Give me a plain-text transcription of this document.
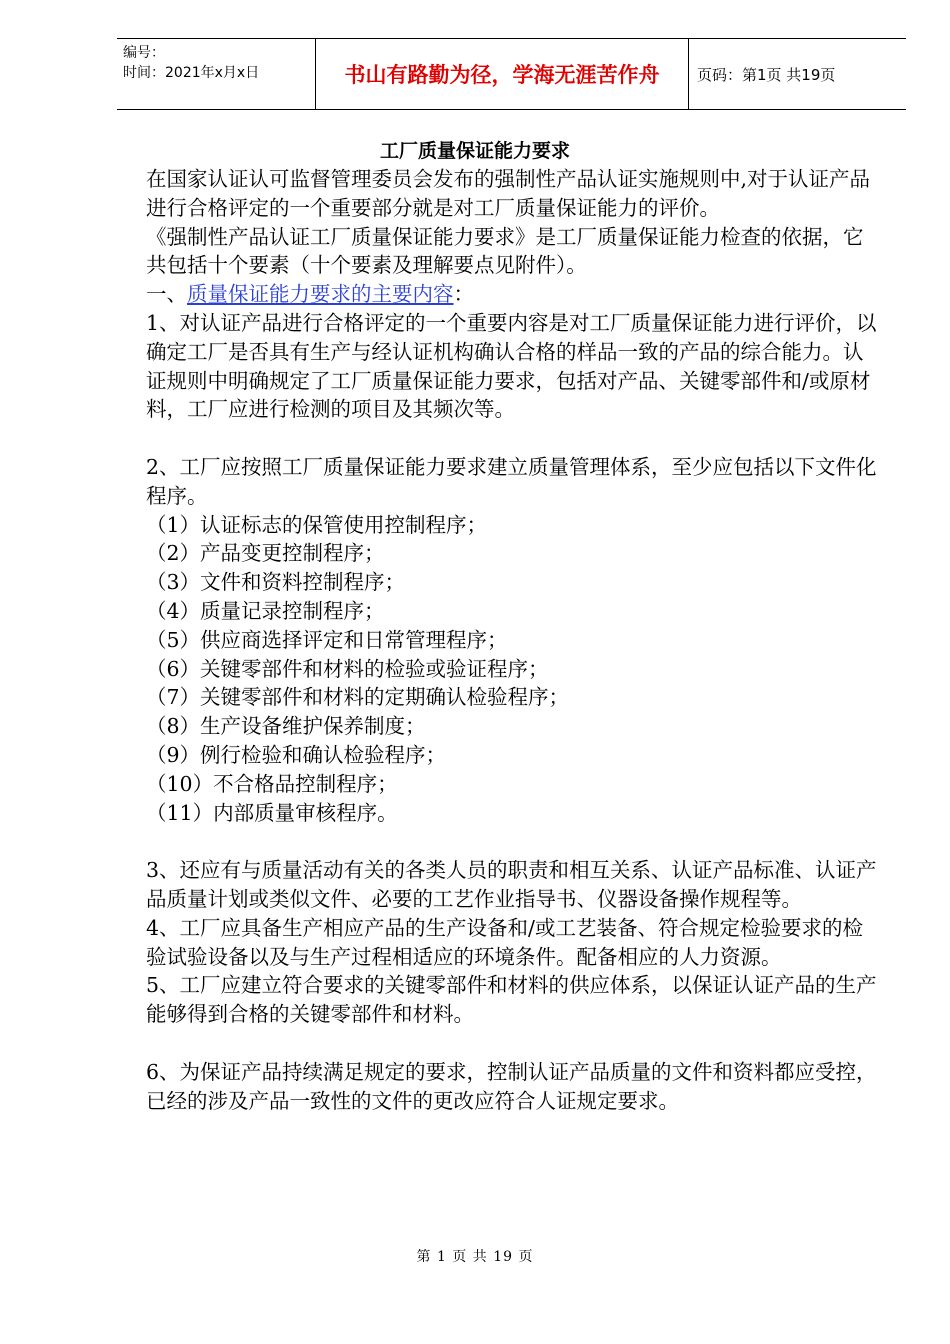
编号：
时间：2021年x月x日	书山有路勤为径，学海无涯苦作舟	页码：第1页 共19页
工厂质量保证能力要求

在国家认证认可监督管理委员会发布的强制性产品认证实施规则中,对于认证产品进行合格评定的一个重要部分就是对工厂质量保证能力的评价。

《强制性产品认证工厂质量保证能力要求》是工厂质量保证能力检查的依据，它共包括十个要素（十个要素及理解要点见附件）。

一、质量保证能力要求的主要内容：

1、对认证产品进行合格评定的一个重要内容是对工厂质量保证能力进行评价，以确定工厂是否具有生产与经认证机构确认合格的样品一致的产品的综合能力。认证规则中明确规定了工厂质量保证能力要求，包括对产品、关键零部件和/或原材料，工厂应进行检测的项目及其频次等。

2、工厂应按照工厂质量保证能力要求建立质量管理体系，至少应包括以下文件化程序。

（1）认证标志的保管使用控制程序；

（2）产品变更控制程序；

（3）文件和资料控制程序；

（4）质量记录控制程序；

（5）供应商选择评定和日常管理程序；

（6）关键零部件和材料的检验或验证程序；

（7）关键零部件和材料的定期确认检验程序；

（8）生产设备维护保养制度；

（9）例行检验和确认检验程序；

（10）不合格品控制程序；

（11）内部质量审核程序。

3、还应有与质量活动有关的各类人员的职责和相互关系、认证产品标准、认证产品质量计划或类似文件、必要的工艺作业指导书、仪器设备操作规程等。

4、工厂应具备生产相应产品的生产设备和/或工艺装备、符合规定检验要求的检验试验设备以及与生产过程相适应的环境条件。配备相应的人力资源。

5、工厂应建立符合要求的关键零部件和材料的供应体系，以保证认证产品的生产能够得到合格的关键零部件和材料。

6、为保证产品持续满足规定的要求，控制认证产品质量的文件和资料都应受控，已经的涉及产品一致性的文件的更改应符合人证规定要求。

第 1 页 共 19 页
